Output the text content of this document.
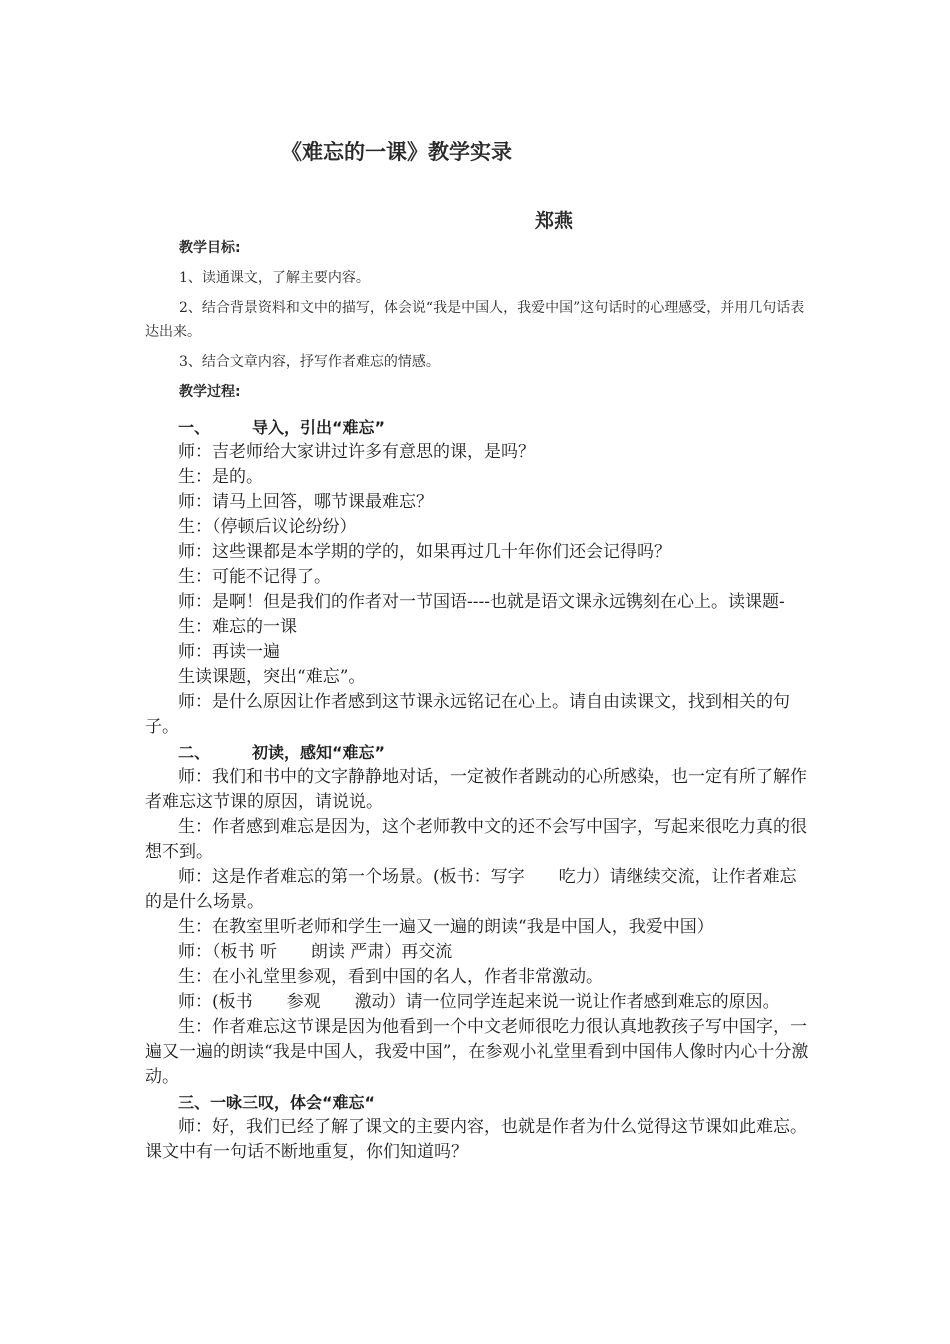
《难忘的一课》教学实录
郑燕

教学目标:

1、读通课文，了解主要内容。

2、结合背景资料和文中的描写，体会说“我是中国人，我爱中国”这句话时的心理感受，并用几句话表达出来。

3、结合文章内容，抒写作者难忘的情感。

教学过程:

一、	导入，引出“难忘”

师：吉老师给大家讲过许多有意思的课，是吗？

生：是的。

师：请马上回答，哪节课最难忘？

生：（停顿后议论纷纷）

师：这些课都是本学期的学的，如果再过几十年你们还会记得吗？

生：可能不记得了。

师：是啊！但是我们的作者对一节国语----也就是语文课永远镌刻在心上。读课题-

生：难忘的一课

师：再读一遍

生读课题，突出“难忘”。

师：是什么原因让作者感到这节课永远铭记在心上。请自由读课文，找到相关的句子。

二、	初读，感知“难忘”

师：我们和书中的文字静静地对话，一定被作者跳动的心所感染，也一定有所了解作者难忘这节课的原因，请说说。

生：作者感到难忘是因为，这个老师教中文的还不会写中国字，写起来很吃力真的很想不到。

师：这是作者难忘的第一个场景。(板书：写字　　吃力）请继续交流，让作者难忘的是什么场景。

生：在教室里听老师和学生一遍又一遍的朗读“我是中国人，我爱中国）

师：（板书 听　　朗读 严肃）再交流

生：在小礼堂里参观，看到中国的名人，作者非常激动。

师：(板书　　参观　　激动）请一位同学连起来说一说让作者感到难忘的原因。

生：作者难忘这节课是因为他看到一个中文老师很吃力很认真地教孩子写中国字，一遍又一遍的朗读“我是中国人，我爱中国”，在参观小礼堂里看到中国伟人像时内心十分激动。

三、一咏三叹，体会“难忘“

师：好，我们已经了解了课文的主要内容，也就是作者为什么觉得这节课如此难忘。课文中有一句话不断地重复，你们知道吗？
